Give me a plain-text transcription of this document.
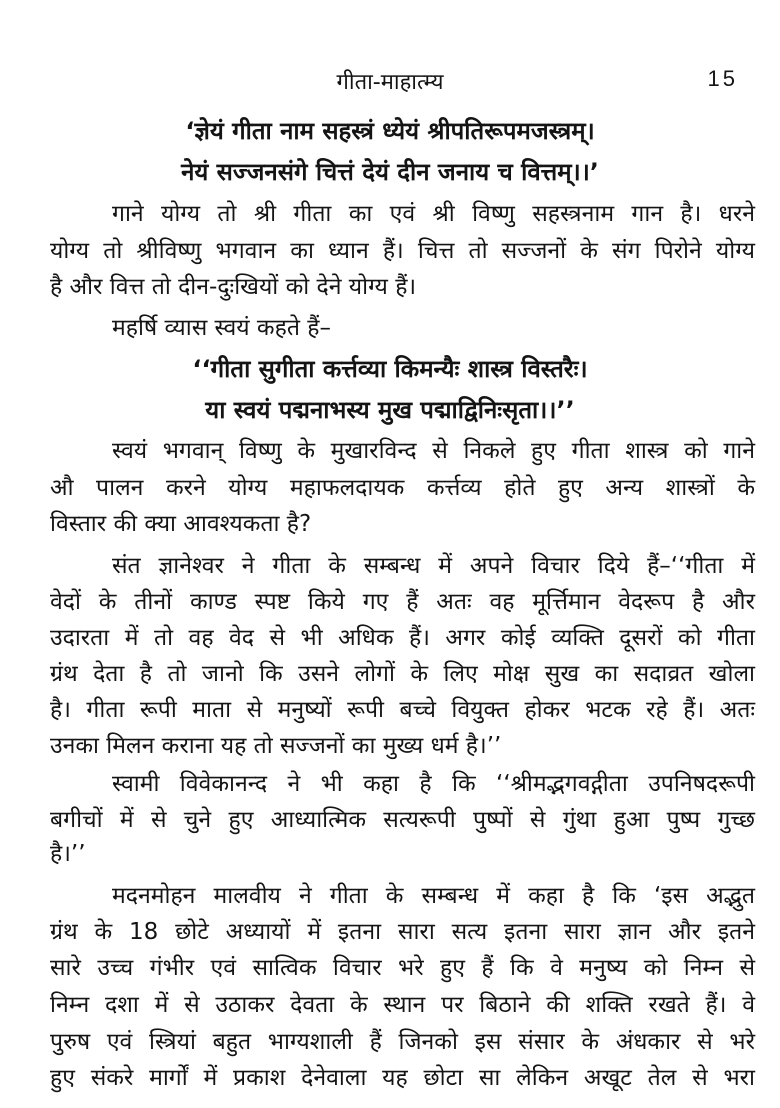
गीता-माहात्म्य	15
‘ज्ञेयं गीता नाम सहस्त्रं ध्येयं श्रीपतिरूपमजस्त्रम्।
नेयं सज्जनसंगे चित्तं देयं दीन जनाय च वित्तम्।।’
गाने योग्य तो श्री गीता का एवं श्री विष्णु सहस्त्रनाम गान है। धरने
योग्य तो श्रीविष्णु भगवान का ध्यान हैं। चित्त तो सज्जनों के संग पिरोने योग्य
है और वित्त तो दीन-दुःखियों को देने योग्य हैं।
महर्षि व्यास स्वयं कहते हैं–
‘‘गीता सुगीता कर्त्तव्या किमन्यैः शास्त्र विस्तरैः।
या स्वयं पद्मनाभस्य मुख पद्माद्विनिःसृता।।’’
स्वयं भगवान् विष्णु के मुखारविन्द से निकले हुए गीता शास्त्र को गाने
औ पालन करने योग्य महाफलदायक कर्त्तव्य होते हुए अन्य शास्त्रों के
विस्तार की क्या आवश्यकता है?
संत ज्ञानेश्वर ने गीता के सम्बन्ध में अपने विचार दिये हैं–‘‘गीता में
वेदों के तीनों काण्ड स्पष्ट किये गए हैं अतः वह मूर्त्तिमान वेदरूप है और
उदारता में तो वह वेद से भी अधिक हैं। अगर कोई व्यक्ति दूसरों को गीता
ग्रंथ देता है तो जानो कि उसने लोगों के लिए मोक्ष सुख का सदाव्रत खोला
है। गीता रूपी माता से मनुष्यों रूपी बच्चे वियुक्त होकर भटक रहे हैं। अतः
उनका मिलन कराना यह तो सज्जनों का मुख्य धर्म है।’’
स्वामी विवेकानन्द ने भी कहा है कि ‘‘श्रीमद्भगवद्गीता उपनिषदरूपी
बगीचों में से चुने हुए आध्यात्मिक सत्यरूपी पुष्पों से गुंथा हुआ पुष्प गुच्छ
है।’’
मदनमोहन मालवीय ने गीता के सम्बन्ध में कहा है कि ‘इस अद्भुत
ग्रंथ के 18 छोटे अध्यायों में इतना सारा सत्य इतना सारा ज्ञान और इतने
सारे उच्च गंभीर एवं सात्विक विचार भरे हुए हैं कि वे मनुष्य को निम्न से
निम्न दशा में से उठाकर देवता के स्थान पर बिठाने की शक्ति रखते हैं। वे
पुरुष एवं स्त्रियां बहुत भाग्यशाली हैं जिनको इस संसार के अंधकार से भरे
हुए संकरे मार्गों में प्रकाश देनेवाला यह छोटा सा लेकिन अखूट तेल से भरा
